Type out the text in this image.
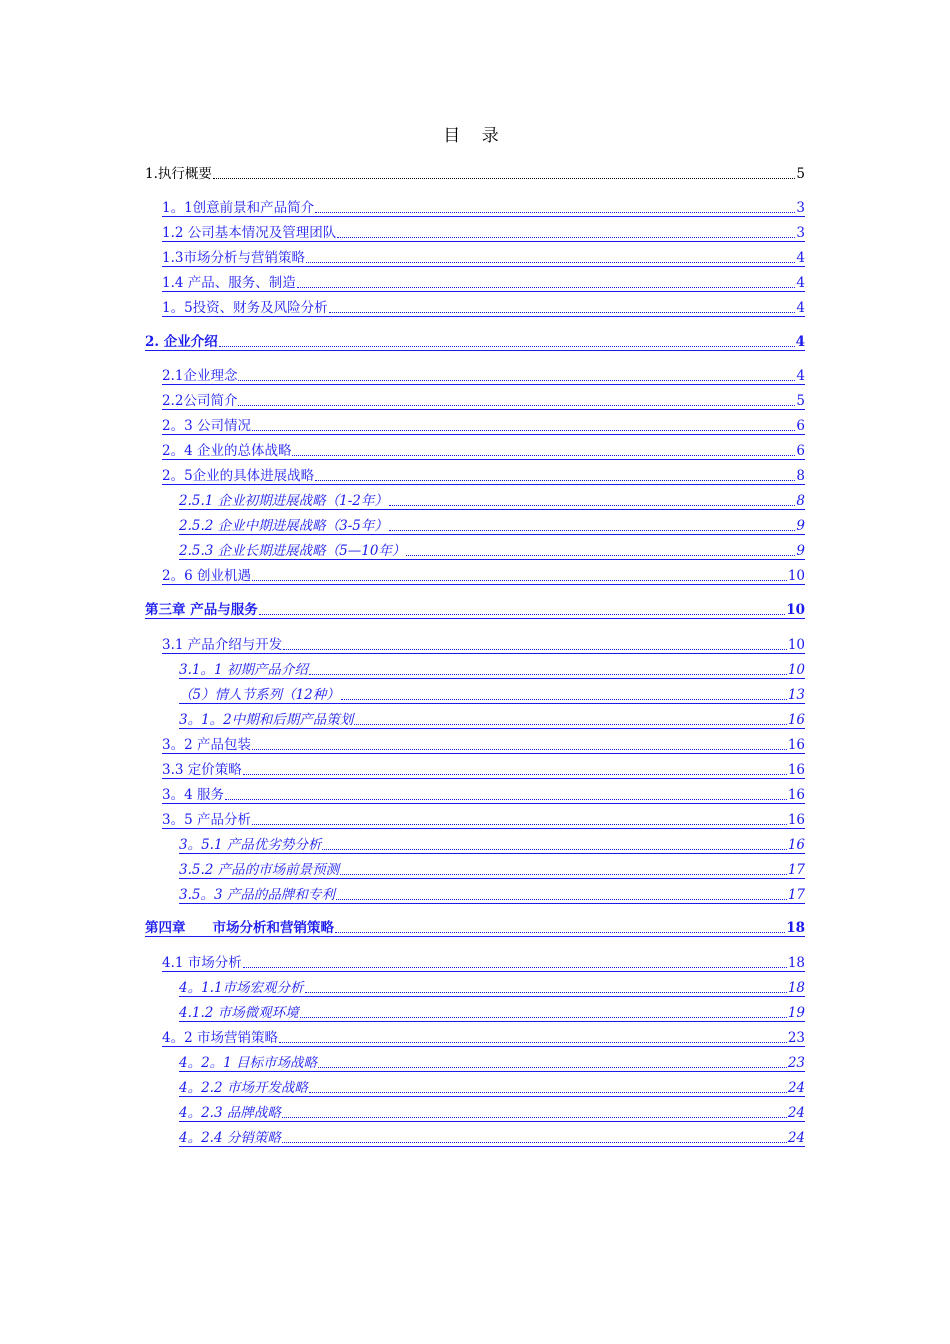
目 录
1.执行概要	5
1。1创意前景和产品简介	3
1.2 公司基本情况及管理团队	3
1.3市场分析与营销策略	4
1.4 产品、服务、制造	4
1。5投资、财务及风险分析	4
2. 企业介绍	4
2.1企业理念	4
2.2公司简介	5
2。3 公司情况	6
2。4 企业的总体战略	6
2。5企业的具体进展战略	8
2.5.1 企业初期进展战略（1-2年）	8
2.5.2 企业中期进展战略（3-5年）	9
2.5.3 企业长期进展战略（5—10年）	9
2。6 创业机遇	10
第三章 产品与服务	10
3.1 产品介绍与开发	10
3.1。1 初期产品介绍	10
（5）情人节系列（12种）	13
3。1。2中期和后期产品策划	16
3。2 产品包装	16
3.3 定价策略	16
3。4 服务	16
3。5 产品分析	16
3。5.1 产品优劣势分析	16
3.5.2 产品的市场前景预测	17
3.5。3 产品的品牌和专利	17
第四章　　市场分析和营销策略	18
4.1 市场分析	18
4。1.1市场宏观分析	18
4.1.2 市场微观环境	19
4。2 市场营销策略	23
4。2。1 目标市场战略	23
4。2.2 市场开发战略	24
4。2.3 品牌战略	24
4。2.4 分销策略	24
